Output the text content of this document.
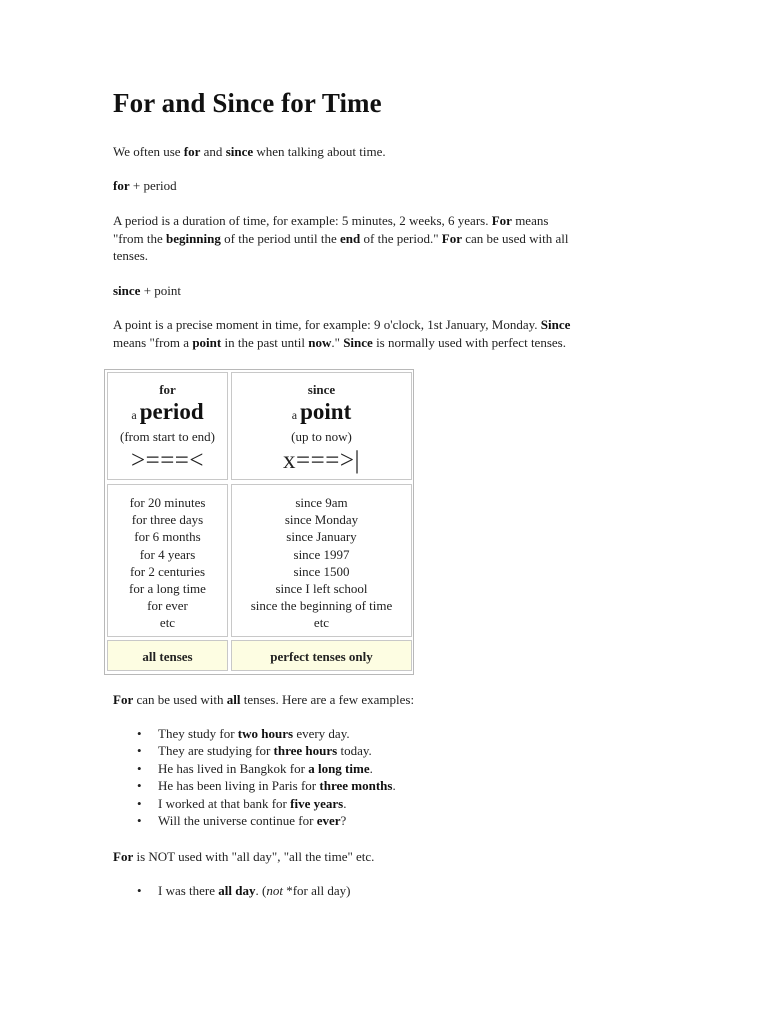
For and Since for Time

We often use for and since when talking about time.

for + period

A period is a duration of time, for example: 5 minutes, 2 weeks, 6 years. For means

"from the beginning of the period until the end of the period." For can be used with all

tenses.

since + point

A point is a precise moment in time, for example: 9 o'clock, 1st January, Monday. Since

means "from a point in the past until now." Since is normally used with perfect tenses.

for
a period
(from start to end)
>===<
since
a point
(up to now)
x===>|
for 20 minutes
for three days
for 6 months
for 4 years
for 2 centuries
for a long time
for ever
etc
since 9am
since Monday
since January
since 1997
since 1500
since I left school
since the beginning of time
etc
all tenses	perfect tenses only

For can be used with all tenses. Here are a few examples:

• They study for two hours every day.
• They are studying for three hours today.
• He has lived in Bangkok for a long time.
• He has been living in Paris for three months.
• I worked at that bank for five years.
• Will the universe continue for ever?

For is NOT used with "all day", "all the time" etc.

• I was there all day. (not *for all day)
